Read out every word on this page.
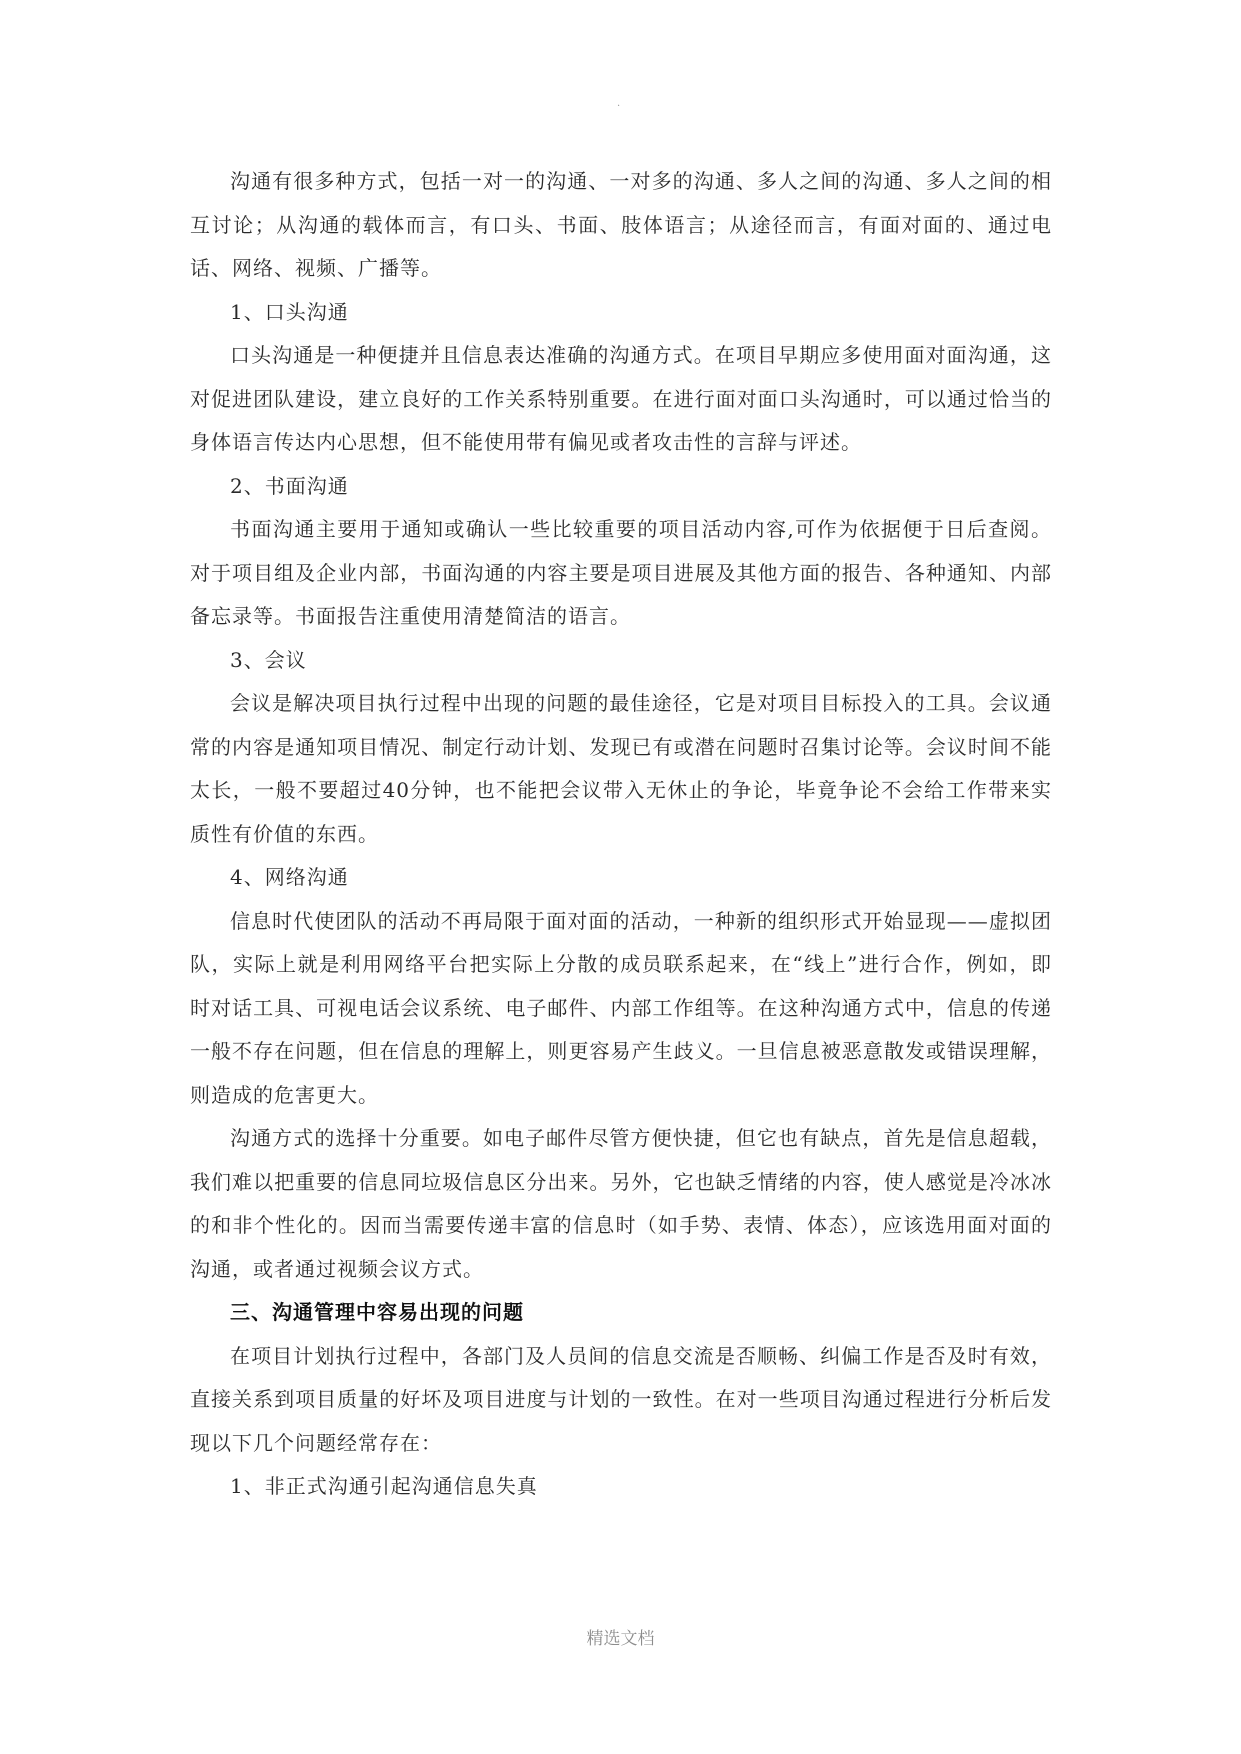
.

沟通有很多种方式，包括一对一的沟通、一对多的沟通、多人之间的沟通、多人之间的相互讨论；从沟通的载体而言，有口头、书面、肢体语言；从途径而言，有面对面的、通过电话、网络、视频、广播等。

1、口头沟通

口头沟通是一种便捷并且信息表达准确的沟通方式。在项目早期应多使用面对面沟通，这对促进团队建设，建立良好的工作关系特别重要。在进行面对面口头沟通时，可以通过恰当的身体语言传达内心思想，但不能使用带有偏见或者攻击性的言辞与评述。

2、书面沟通

书面沟通主要用于通知或确认一些比较重要的项目活动内容,可作为依据便于日后查阅。对于项目组及企业内部，书面沟通的内容主要是项目进展及其他方面的报告、各种通知、内部备忘录等。书面报告注重使用清楚简洁的语言。

3、会议

会议是解决项目执行过程中出现的问题的最佳途径，它是对项目目标投入的工具。会议通常的内容是通知项目情况、制定行动计划、发现已有或潜在问题时召集讨论等。会议时间不能太长，一般不要超过40分钟，也不能把会议带入无休止的争论，毕竟争论不会给工作带来实质性有价值的东西。

4、网络沟通

信息时代使团队的活动不再局限于面对面的活动，一种新的组织形式开始显现——虚拟团队，实际上就是利用网络平台把实际上分散的成员联系起来，在“线上”进行合作，例如，即时对话工具、可视电话会议系统、电子邮件、内部工作组等。在这种沟通方式中，信息的传递一般不存在问题，但在信息的理解上，则更容易产生歧义。一旦信息被恶意散发或错误理解，则造成的危害更大。

沟通方式的选择十分重要。如电子邮件尽管方便快捷，但它也有缺点，首先是信息超载，我们难以把重要的信息同垃圾信息区分出来。另外，它也缺乏情绪的内容，使人感觉是冷冰冰的和非个性化的。因而当需要传递丰富的信息时（如手势、表情、体态），应该选用面对面的沟通，或者通过视频会议方式。

三、沟通管理中容易出现的问题

在项目计划执行过程中，各部门及人员间的信息交流是否顺畅、纠偏工作是否及时有效，直接关系到项目质量的好坏及项目进度与计划的一致性。在对一些项目沟通过程进行分析后发现以下几个问题经常存在：

1、非正式沟通引起沟通信息失真

精选文档
